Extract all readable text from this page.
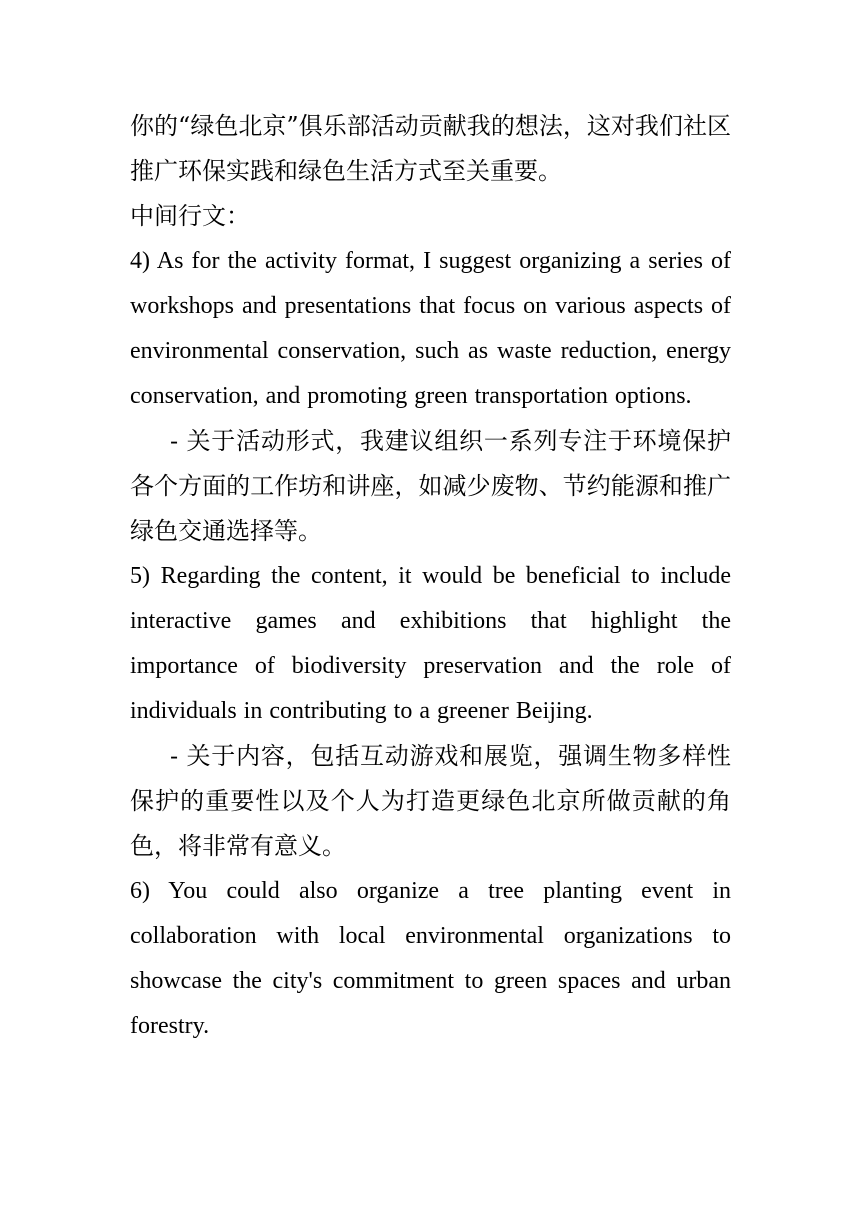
你的“绿色北京”俱乐部活动贡献我的想法，这对我们社区推广环保实践和绿色生活方式至关重要。

中间行文：

4) As for the activity format, I suggest organizing a series of workshops and presentations that focus on various aspects of environmental conservation, such as waste reduction, energy conservation, and promoting green transportation options.

- 关于活动形式，我建议组织一系列专注于环境保护各个方面的工作坊和讲座，如减少废物、节约能源和推广绿色交通选择等。

5) Regarding the content, it would be beneficial to include interactive games and exhibitions that highlight the importance of biodiversity preservation and the role of individuals in contributing to a greener Beijing.

- 关于内容，包括互动游戏和展览，强调生物多样性保护的重要性以及个人为打造更绿色北京所做贡献的角色，将非常有意义。

6) You could also organize a tree planting event in collaboration with local environmental organizations to showcase the city's commitment to green spaces and urban forestry.
